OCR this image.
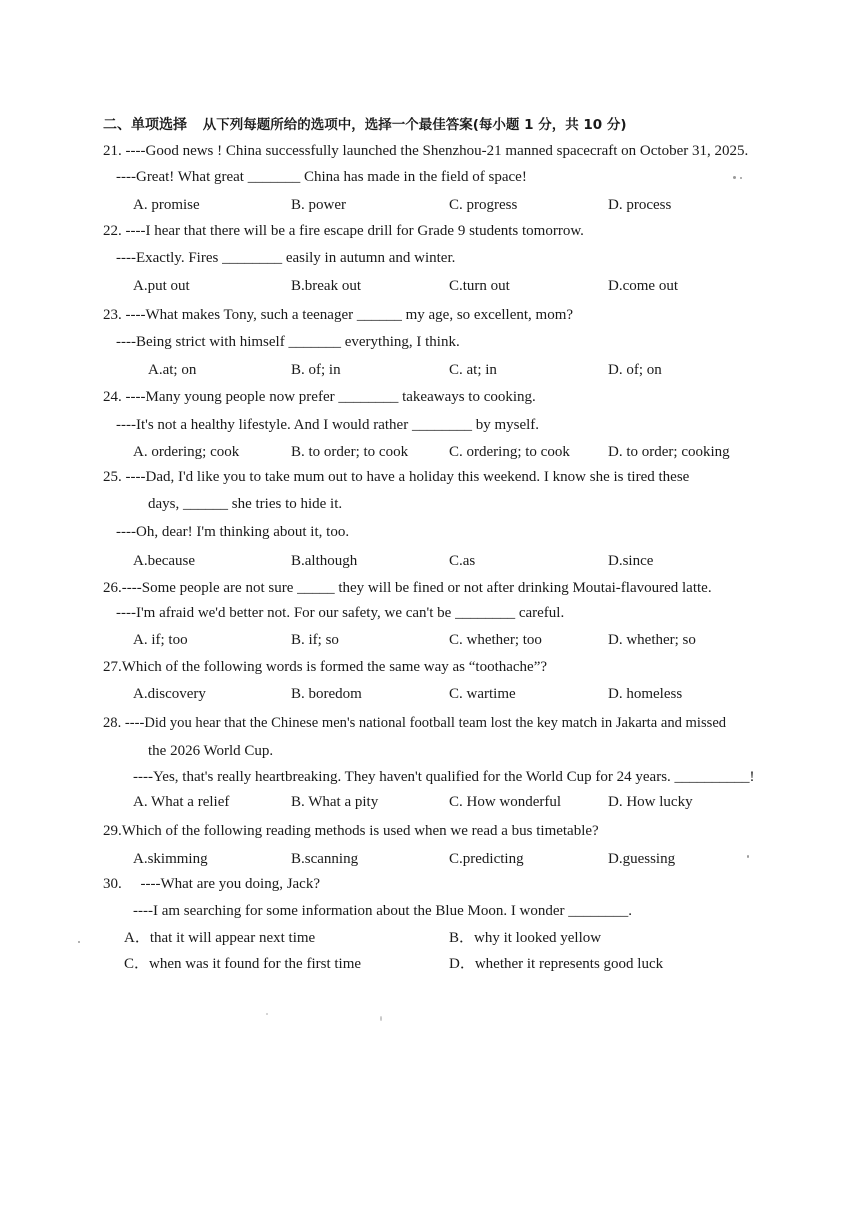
二、单项选择 从下列每题所给的选项中，选择一个最佳答案(每小题 1 分，共 10 分)
21. ----Good news ! China successfully launched the Shenzhou-21 manned spacecraft on October 31, 2025.
----Great! What great _______ China has made in the field of space!
A. promise	B. power	C. progress	D. process
22. ----I hear that there will be a fire escape drill for Grade 9 students tomorrow.
----Exactly. Fires ________ easily in autumn and winter.
A.put out	B.break out	C.turn out	D.come out
23. ----What makes Tony, such a teenager ______ my age, so excellent, mom?
----Being strict with himself _______ everything, I think.
A.at; on	B. of; in	C. at; in	D. of; on
24. ----Many young people now prefer ________ takeaways to cooking.
----It's not a healthy lifestyle. And I would rather ________ by myself.
A. ordering; cook	B. to order; to cook	C. ordering; to cook	D. to order; cooking
25. ----Dad, I'd like you to take mum out to have a holiday this weekend. I know she is tired these
days, ______ she tries to hide it.
----Oh, dear! I'm thinking about it, too.
A.because	B.although	C.as	D.since
26.----Some people are not sure _____ they will be fined or not after drinking Moutai-flavoured latte.
----I'm afraid we'd better not. For our safety, we can't be ________ careful.
A. if; too	B. if; so	C. whether; too	D. whether; so
27.Which of the following words is formed the same way as “toothache”?
A.discovery	B. boredom	C. wartime	D. homeless
28. ----Did you hear that the Chinese men's national football team lost the key match in Jakarta and missed
the 2026 World Cup.
----Yes, that's really heartbreaking. They haven't qualified for the World Cup for 24 years. __________!
A. What a relief	B. What a pity	C. How wonderful	D. How lucky
29.Which of the following reading methods is used when we read a bus timetable?
A.skimming	B.scanning	C.predicting	D.guessing
30.     ----What are you doing, Jack?
----I am searching for some information about the Blue Moon. I wonder ________.
A．that it will appear next time	B．why it looked yellow
C．when was it found for the first time	D．whether it represents good luck
